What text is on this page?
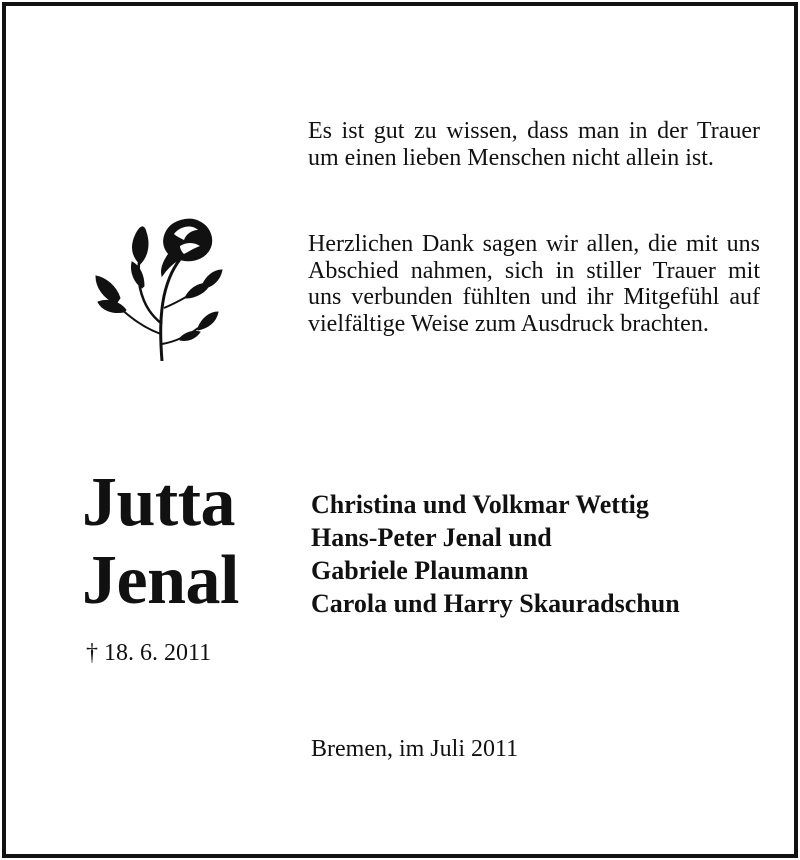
Es ist gut zu wissen, dass man in der Trauer um einen lieben Menschen nicht allein ist.

Herzlichen Dank sagen wir allen, die mit uns Abschied nahmen, sich in stiller Trauer mit uns verbunden fühlten und ihr Mitgefühl auf vielfältige Weise zum Ausdruck brachten.

Jutta
Jenal
† 18. 6. 2011
Christina und Volkmar Wettig
Hans-Peter Jenal und
Gabriele Plaumann
Carola und Harry Skauradschun
Bremen, im Juli 2011
